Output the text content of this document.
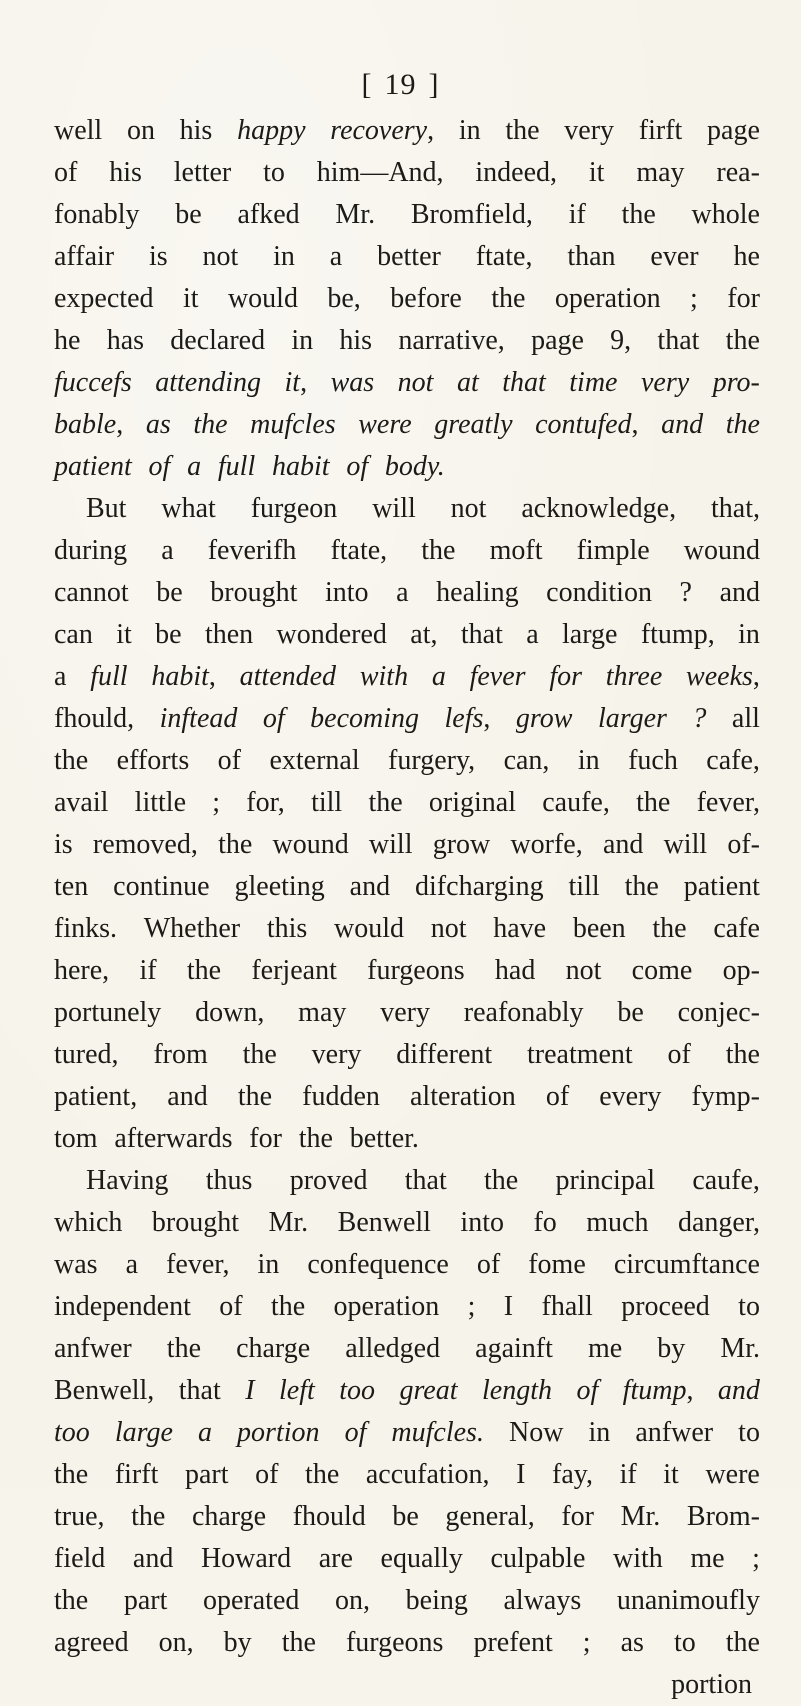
[ 19 ]
well on his happy recovery, in the very firft page
of his letter to him—And, indeed, it may rea-
fonably be afked Mr. Bromfield, if the whole
affair is not in a better ftate, than ever he
expected it would be, before the operation ; for
he has declared in his narrative, page 9, that the
fuccefs attending it, was not at that time very pro-
bable, as the mufcles were greatly contufed, and the
patient of a full habit of body.
But what furgeon will not acknowledge, that,
during a feverifh ftate, the moft fimple wound
cannot be brought into a healing condition ? and
can it be then wondered at, that a large ftump, in
a full habit, attended with a fever for three weeks,
fhould, inftead of becoming lefs, grow larger ? all
the efforts of external furgery, can, in fuch cafe,
avail little ; for, till the original caufe, the fever,
is removed, the wound will grow worfe, and will of-
ten continue gleeting and difcharging till the patient
finks. Whether this would not have been the cafe
here, if the ferjeant furgeons had not come op-
portunely down, may very reafonably be conjec-
tured, from the very different treatment of the
patient, and the fudden alteration of every fymp-
tom afterwards for the better.
Having thus proved that the principal caufe,
which brought Mr. Benwell into fo much danger,
was a fever, in confequence of fome circumftance
independent of the operation ; I fhall proceed to
anfwer the charge alledged againft me by Mr.
Benwell, that I left too great length of ftump, and
too large a portion of mufcles. Now in anfwer to
the firft part of the accufation, I fay, if it were
true, the charge fhould be general, for Mr. Brom-
field and Howard are equally culpable with me ;
the part operated on, being always unanimoufly
agreed on, by the furgeons prefent ; as to the
portion
